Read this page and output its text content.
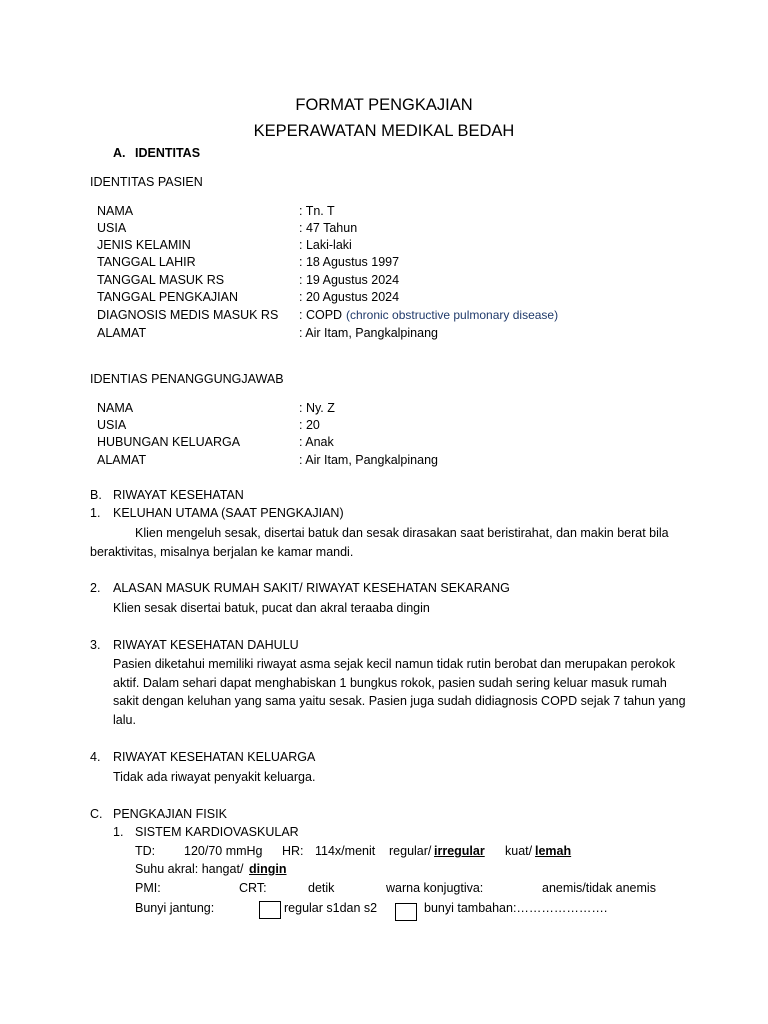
FORMAT PENGKAJIAN
KEPERAWATAN MEDIKAL BEDAH
A. IDENTITAS
IDENTITAS PASIEN
NAMA	: Tn. T
USIA	: 47 Tahun
JENIS KELAMIN	: Laki-laki
TANGGAL LAHIR	: 18 Agustus 1997
TANGGAL MASUK RS	: 19 Agustus 2024
TANGGAL PENGKAJIAN	: 20 Agustus 2024
DIAGNOSIS MEDIS MASUK RS : COPD (chronic obstructive pulmonary disease)
ALAMAT	: Air Itam, Pangkalpinang
IDENTIAS PENANGGUNGJAWAB
NAMA	: Ny. Z
USIA	: 20
HUBUNGAN KELUARGA	: Anak
ALAMAT	: Air Itam, Pangkalpinang
B. RIWAYAT KESEHATAN
1. KELUHAN UTAMA (SAAT PENGKAJIAN)
Klien mengeluh sesak, disertai batuk dan sesak dirasakan saat beristirahat, dan makin berat bila beraktivitas, misalnya berjalan ke kamar mandi.
2. ALASAN MASUK RUMAH SAKIT/ RIWAYAT KESEHATAN SEKARANG
Klien sesak disertai batuk, pucat dan akral teraaba dingin
3. RIWAYAT KESEHATAN DAHULU
Pasien diketahui memiliki riwayat asma sejak kecil namun tidak rutin berobat dan merupakan perokok aktif. Dalam sehari dapat menghabiskan 1 bungkus rokok, pasien sudah sering keluar masuk rumah sakit dengan keluhan yang sama yaitu sesak. Pasien juga sudah didiagnosis COPD sejak 7 tahun yang lalu.
4. RIWAYAT KESEHATAN KELUARGA
Tidak ada riwayat penyakit keluarga.
C. PENGKAJIAN FISIK
1. SISTEM KARDIOVASKULAR
TD: 120/70 mmHg HR: 114x/menit regular/ irregular	kuat/ lemah
Suhu akral: hangat/ dingin
PMI:	CRT:	detik	warna konjugtiva:	anemis/tidak anemis
Bunyi jantung:	regular s1dan s2	bunyi tambahan:………………….
